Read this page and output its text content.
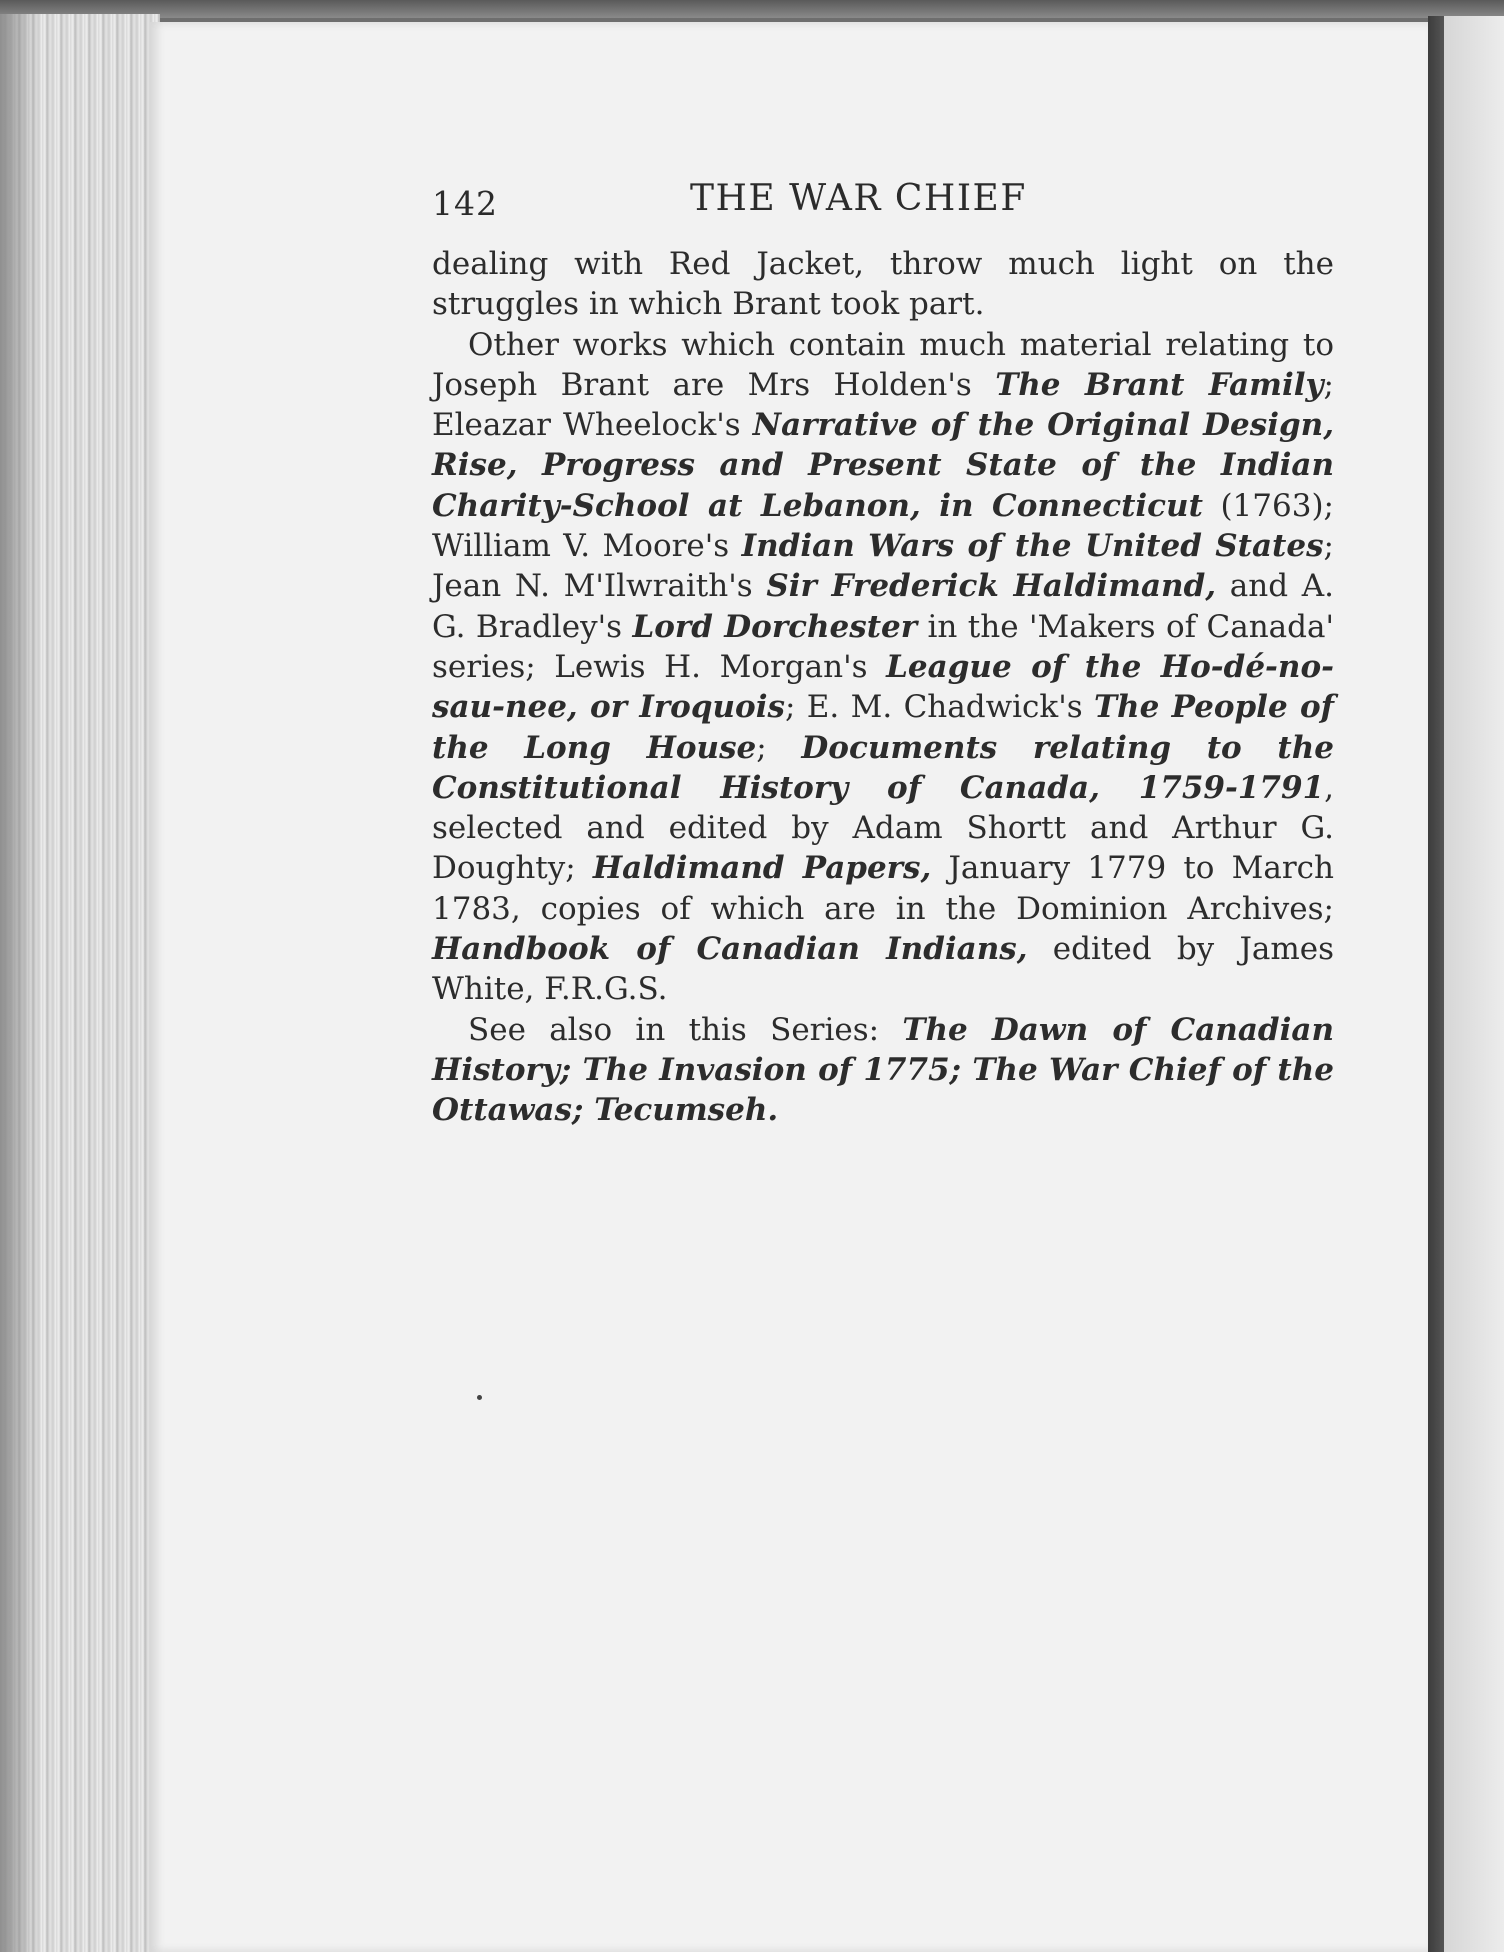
142	THE WAR CHIEF

dealing with Red Jacket, throw much light on the struggles in which Brant took part.

Other works which contain much material relating to Joseph Brant are Mrs Holden's The Brant Family; Eleazar Wheelock's Narrative of the Original Design, Rise, Progress and Present State of the Indian Charity-School at Lebanon, in Connecticut (1763); William V. Moore's Indian Wars of the United States; Jean N. M'Ilwraith's Sir Frederick Haldimand, and A. G. Bradley's Lord Dorchester in the 'Makers of Canada' series; Lewis H. Morgan's League of the Ho-dé-no-sau-nee, or Iroquois; E. M. Chadwick's The People of the Long House; Documents relating to the Constitutional History of Canada, 1759-1791, selected and edited by Adam Shortt and Arthur G. Doughty; Haldimand Papers, January 1779 to March 1783, copies of which are in the Dominion Archives; Handbook of Canadian Indians, edited by James White, F.R.G.S.

See also in this Series: The Dawn of Canadian History; The Invasion of 1775; The War Chief of the Ottawas; Tecumseh.
